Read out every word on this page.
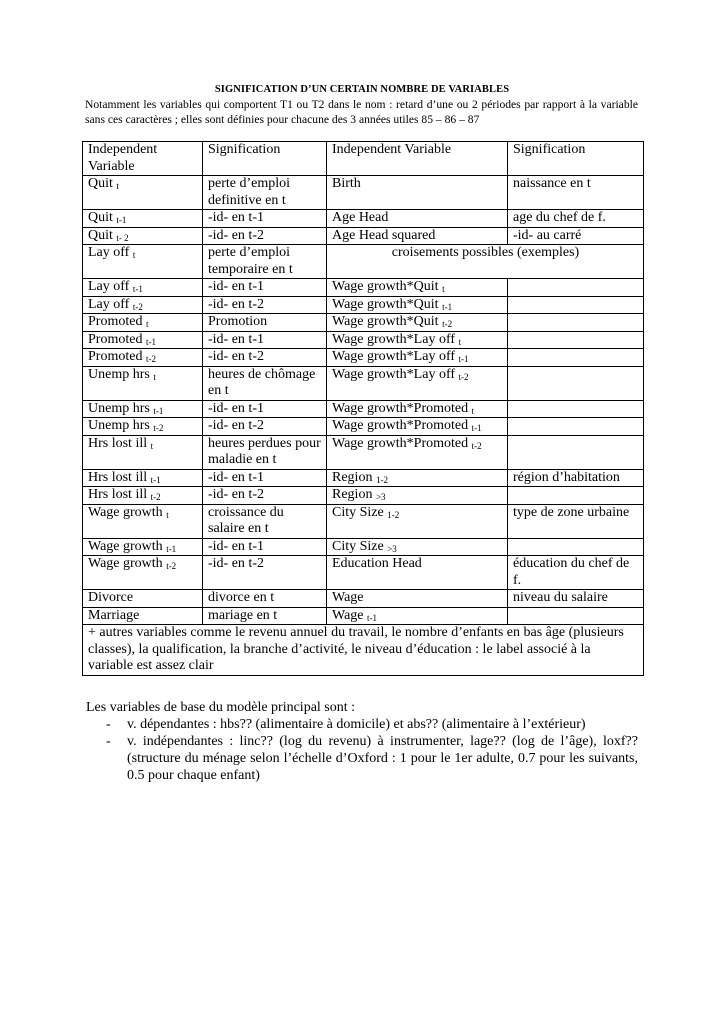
SIGNIFICATION D’UN CERTAIN NOMBRE DE VARIABLES

Notamment les variables qui comportent T1 ou T2 dans le nom : retard d’une ou 2 périodes par rapport à la variable sans ces caractères ; elles sont définies pour chacune des 3 années utiles 85 – 86 – 87

Independent Variable	Signification	Independent Variable	Signification
Quit $_t$	perte d’emploi definitive en t	Birth	naissance en t
Quit $_{t-1}$	-id- en t-1	Age Head	age du chef de f.
Quit $_{t- 2}$	-id- en t-2	Age Head squared	-id- au carré
Lay off $_t$	perte d’emploi temporaire en t	croisements possibles (exemples)	
Lay off $_{t-1}$	-id- en t-1	Wage growth*Quit $_t$	
Lay off $_{t-2}$	-id- en t-2	Wage growth*Quit $_{t-1}$	
Promoted $_t$	Promotion	Wage growth*Quit $_{t-2}$	
Promoted $_{t-1}$	-id- en t-1	Wage growth*Lay off $_t$	
Promoted $_{t-2}$	-id- en t-2	Wage growth*Lay off $_{t-1}$	
Unemp hrs $_t$	heures de chômage en t	Wage growth*Lay off $_{t-2}$	
Unemp hrs $_{t-1}$	-id- en t-1	Wage growth*Promoted $_t$	
Unemp hrs $_{t-2}$	-id- en t-2	Wage growth*Promoted $_{t-1}$	
Hrs lost ill $_t$	heures perdues pour maladie en t	Wage growth*Promoted $_{t-2}$	
Hrs lost ill $_{t-1}$	-id- en t-1	Region $_{1-2}$	région d’habitation
Hrs lost ill $_{t-2}$	-id- en t-2	Region $_{>3}$	
Wage growth $_t$	croissance du salaire en t	City Size $_{1-2}$	type de zone urbaine
Wage growth $_{t-1}$	-id- en t-1	City Size $_{>3}$	
Wage growth $_{t-2}$	-id- en t-2	Education Head	éducation du chef de f.
Divorce	divorce en t	Wage	niveau du salaire
Marriage	mariage en t	Wage $_{t-1}$	
+ autres variables comme le revenu annuel du travail, le nombre d’enfants en bas âge (plusieurs classes), la qualification, la branche d’activité, le niveau d’éducation : le label associé à la variable est assez clair			

Les variables de base du modèle principal sont :

- v. dépendantes : hbs?? (alimentaire à domicile) et abs?? (alimentaire à l’extérieur)
- v. indépendantes : linc?? (log du revenu) à instrumenter, lage?? (log de l’âge), loxf?? (structure du ménage selon l’échelle d’Oxford : 1 pour le 1er adulte, 0.7 pour les suivants, 0.5 pour chaque enfant)
